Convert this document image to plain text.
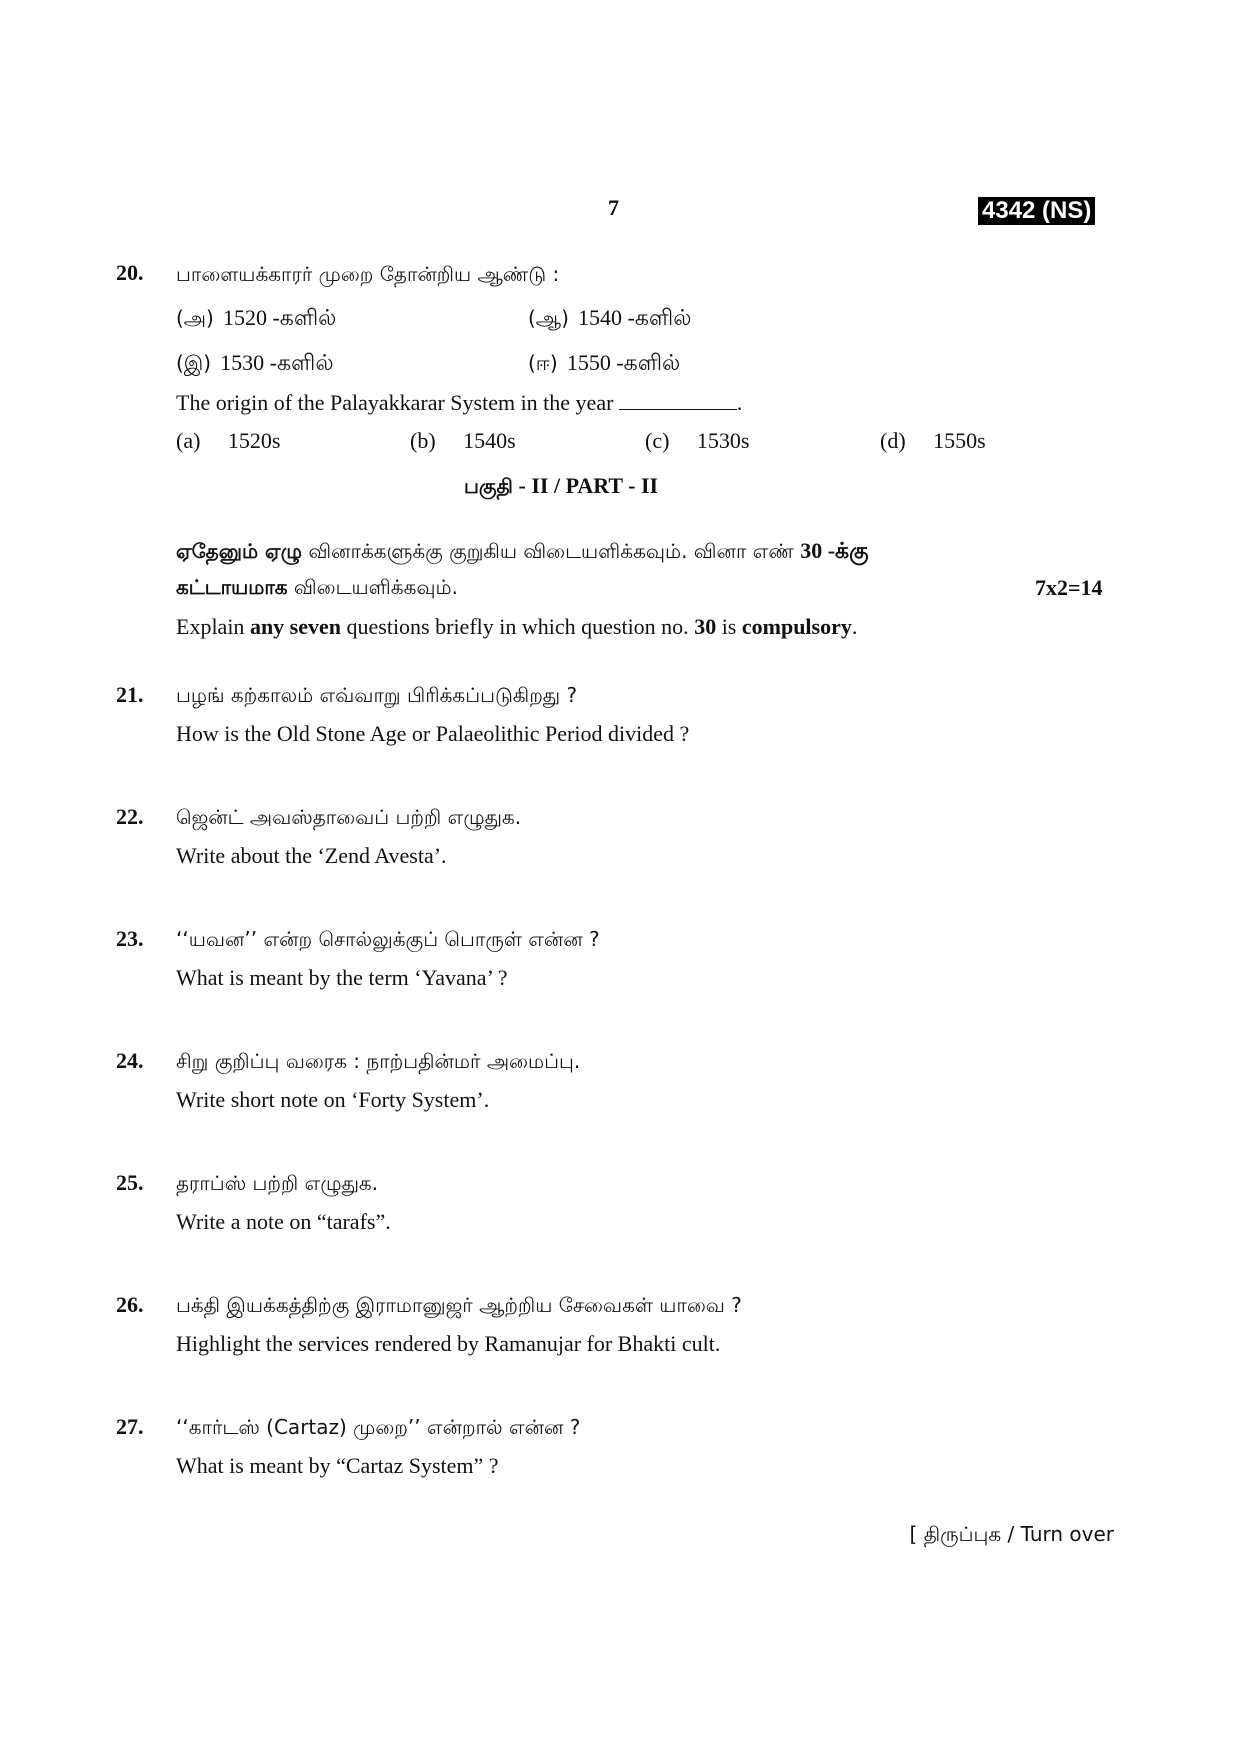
7	4342 (NS)
20. பாளையக்காரர் முறை தோன்றிய ஆண்டு :
(அ) 1520 -களில்	(ஆ) 1540 -களில்
(இ) 1530 -களில்	(ஈ) 1550 -களில்
The origin of the Palayakkarar System in the year	.
(a) 1520s	(b) 1540s	(c) 1530s	(d) 1550s
பகுதி - II / PART - II
ஏதேனும் ஏழு வினாக்களுக்கு குறுகிய விடையளிக்கவும். வினா எண் 30 -க்கு
கட்டாயமாக விடையளிக்கவும்.	7x2=14
Explain any seven questions briefly in which question no. 30 is compulsory.
21. பழங் கற்காலம் எவ்வாறு பிரிக்கப்படுகிறது ?
How is the Old Stone Age or Palaeolithic Period divided ?
22. ஜென்ட் அவஸ்தாவைப் பற்றி எழுதுக.
Write about the ‘Zend Avesta’.
23. ‘‘யவன’’ என்ற சொல்லுக்குப் பொருள் என்ன ?
What is meant by the term ‘Yavana’ ?
24. சிறு குறிப்பு வரைக : நாற்பதின்மர் அமைப்பு.
Write short note on ‘Forty System’.
25. தராப்ஸ் பற்றி எழுதுக.
Write a note on “tarafs”.
26. பக்தி இயக்கத்திற்கு இராமானுஜர் ஆற்றிய சேவைகள் யாவை ?
Highlight the services rendered by Ramanujar for Bhakti cult.
27. ‘‘கார்டஸ் (Cartaz) முறை’’ என்றால் என்ன ?
What is meant by “Cartaz System” ?
[ திருப்புக / Turn over
